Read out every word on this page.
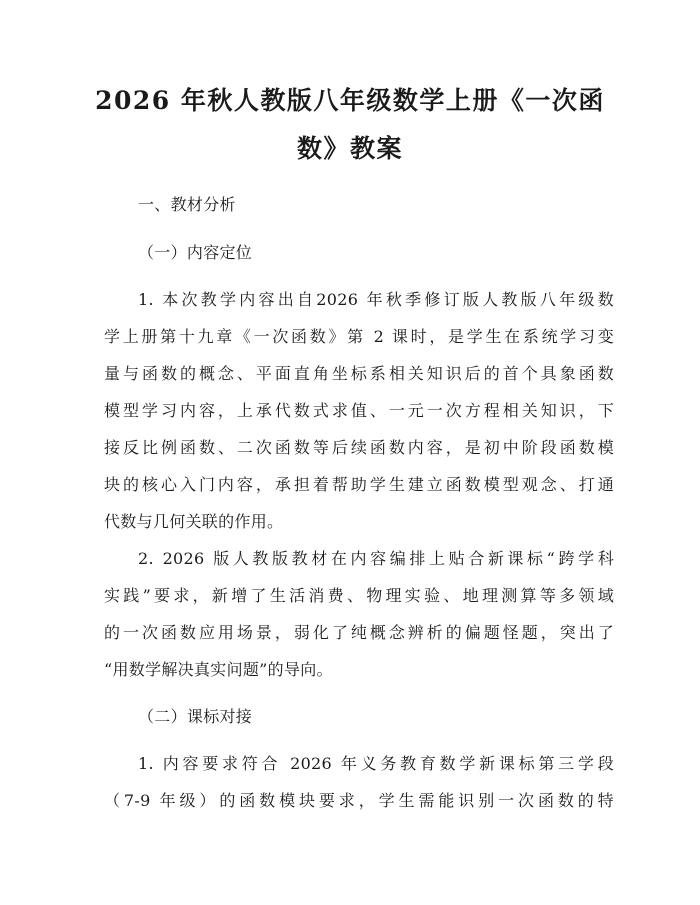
2026 年秋人教版八年级数学上册《一次函
数》教案

一、教材分析

（一）内容定位

1. 本次教学内容出自2026 年秋季修订版人教版八年级数

学上册第十九章《一次函数》第 2 课时，是学生在系统学习变

量与函数的概念、平面直角坐标系相关知识后的首个具象函数

模型学习内容，上承代数式求值、一元一次方程相关知识，下

接反比例函数、二次函数等后续函数内容，是初中阶段函数模

块的核心入门内容，承担着帮助学生建立函数模型观念、打通

代数与几何关联的作用。

2. 2026 版人教版教材在内容编排上贴合新课标“跨学科

实践”要求，新增了生活消费、物理实验、地理测算等多领域

的一次函数应用场景，弱化了纯概念辨析的偏题怪题，突出了

“用数学解决真实问题”的导向。

（二）课标对接

1. 内容要求符合 2026 年义务教育数学新课标第三学段

（7-9 年级）的函数模块要求，学生需能识别一次函数的特
